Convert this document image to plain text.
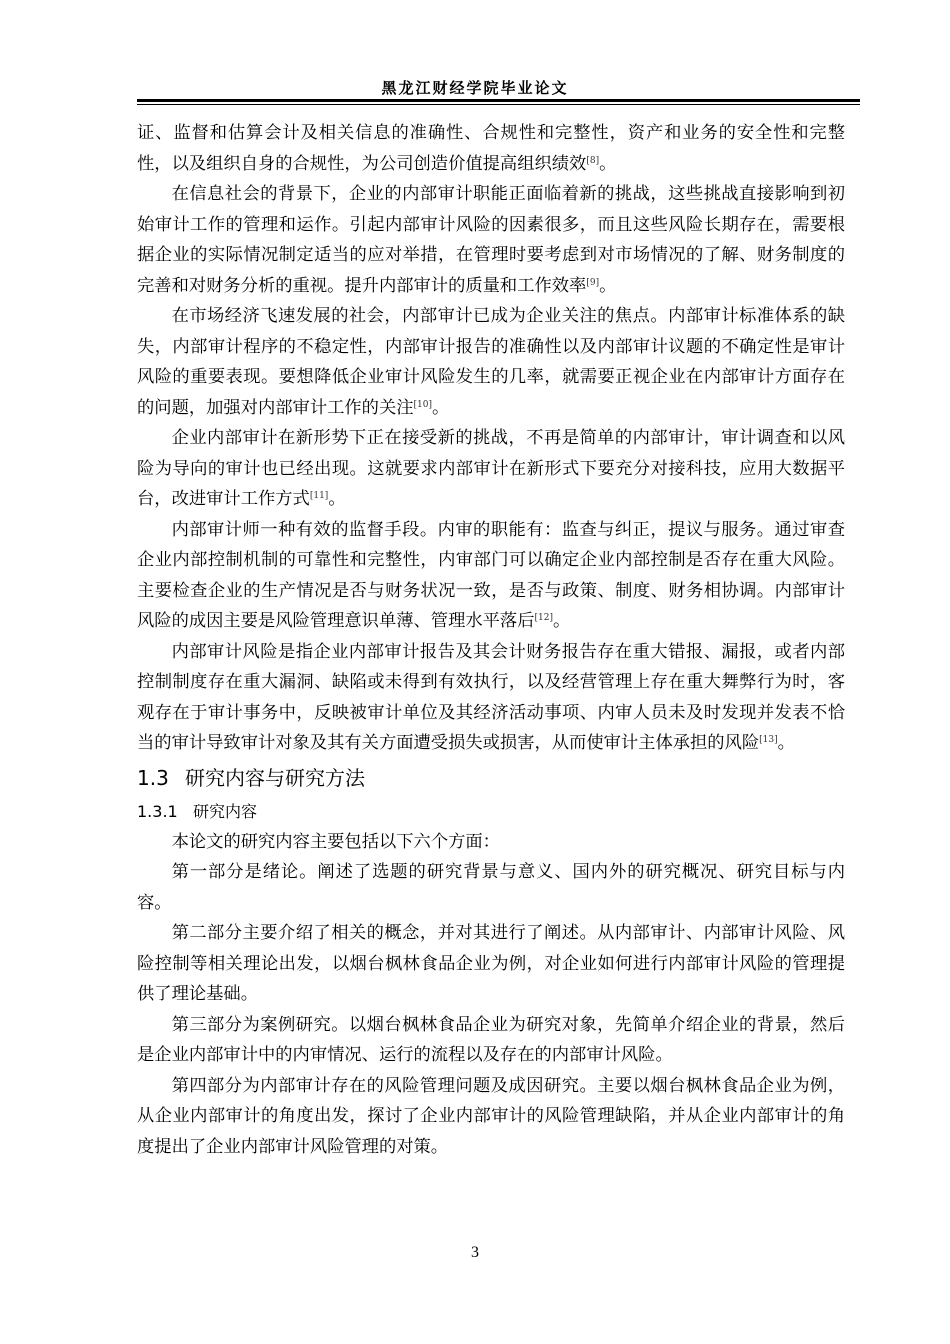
黑龙江财经学院毕业论文

证、监督和估算会计及相关信息的准确性、合规性和完整性，资产和业务的安全性和完整性，以及组织自身的合规性，为公司创造价值提高组织绩效[8]。

在信息社会的背景下，企业的内部审计职能正面临着新的挑战，这些挑战直接影响到初始审计工作的管理和运作。引起内部审计风险的因素很多，而且这些风险长期存在，需要根据企业的实际情况制定适当的应对举措，在管理时要考虑到对市场情况的了解、财务制度的完善和对财务分析的重视。提升内部审计的质量和工作效率[9]。

在市场经济飞速发展的社会，内部审计已成为企业关注的焦点。内部审计标准体系的缺失，内部审计程序的不稳定性，内部审计报告的准确性以及内部审计议题的不确定性是审计风险的重要表现。要想降低企业审计风险发生的几率，就需要正视企业在内部审计方面存在的问题，加强对内部审计工作的关注[10]。

企业内部审计在新形势下正在接受新的挑战，不再是简单的内部审计，审计调查和以风险为导向的审计也已经出现。这就要求内部审计在新形式下要充分对接科技，应用大数据平台，改进审计工作方式[11]。

内部审计师一种有效的监督手段。内审的职能有：监查与纠正，提议与服务。通过审查企业内部控制机制的可靠性和完整性，内审部门可以确定企业内部控制是否存在重大风险。主要检查企业的生产情况是否与财务状况一致，是否与政策、制度、财务相协调。内部审计风险的成因主要是风险管理意识单薄、管理水平落后[12]。

内部审计风险是指企业内部审计报告及其会计财务报告存在重大错报、漏报，或者内部控制制度存在重大漏洞、缺陷或未得到有效执行，以及经营管理上存在重大舞弊行为时，客观存在于审计事务中，反映被审计单位及其经济活动事项、内审人员未及时发现并发表不恰当的审计导致审计对象及其有关方面遭受损失或损害，从而使审计主体承担的风险[13]。

1.3 研究内容与研究方法
1.3.1 研究内容

本论文的研究内容主要包括以下六个方面：

第一部分是绪论。阐述了选题的研究背景与意义、国内外的研究概况、研究目标与内容。

第二部分主要介绍了相关的概念，并对其进行了阐述。从内部审计、内部审计风险、风险控制等相关理论出发，以烟台枫林食品企业为例，对企业如何进行内部审计风险的管理提供了理论基础。

第三部分为案例研究。以烟台枫林食品企业为研究对象，先简单介绍企业的背景，然后是企业内部审计中的内审情况、运行的流程以及存在的内部审计风险。

第四部分为内部审计存在的风险管理问题及成因研究。主要以烟台枫林食品企业为例，从企业内部审计的角度出发，探讨了企业内部审计的风险管理缺陷，并从企业内部审计的角度提出了企业内部审计风险管理的对策。

3
